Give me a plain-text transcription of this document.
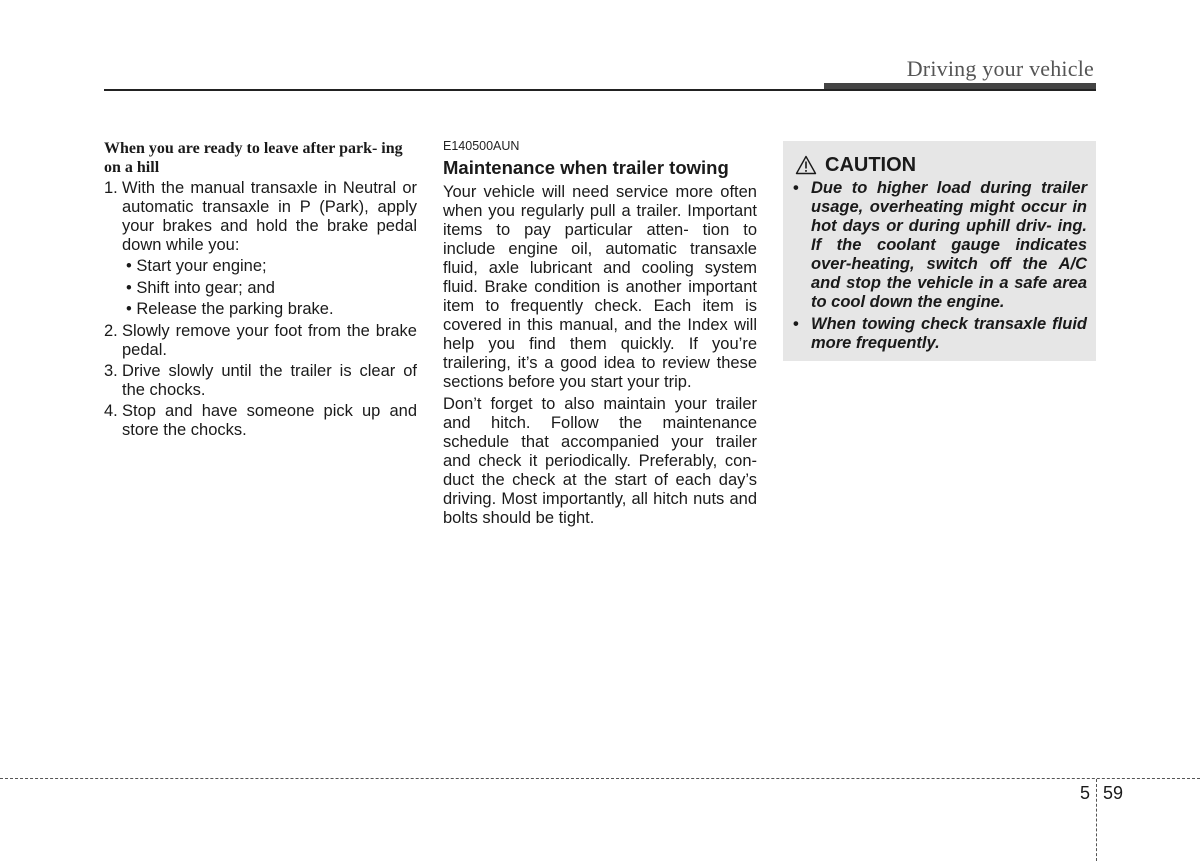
Driving your vehicle
When you are ready to leave after park- ing on a hill
1. With the manual transaxle in Neutral or automatic transaxle in P (Park), apply your brakes and hold the brake pedal down while you:
• Start your engine;
• Shift into gear; and
• Release the parking brake.
2. Slowly remove your foot from the brake pedal.
3. Drive slowly until the trailer is clear of the chocks.
4. Stop and have someone pick up and store the chocks.
E140500AUN
Maintenance when trailer towing

Your vehicle will need service more often when you regularly pull a trailer. Important items to pay particular atten- tion to include engine oil, automatic transaxle fluid, axle lubricant and cooling system fluid. Brake condition is another important item to frequently check. Each item is covered in this manual, and the Index will help you find them quickly. If you’re trailering, it’s a good idea to review these sections before you start your trip.

Don’t forget to also maintain your trailer and hitch. Follow the maintenance schedule that accompanied your trailer and check it periodically. Preferably, con- duct the check at the start of each day’s driving. Most importantly, all hitch nuts and bolts should be tight.

CAUTION
• Due to higher load during trailer usage, overheating might occur in hot days or during uphill driv- ing. If the coolant gauge indicates over-heating, switch off the A/C and stop the vehicle in a safe area to cool down the engine.
• When towing check transaxle fluid more frequently.
5 59
